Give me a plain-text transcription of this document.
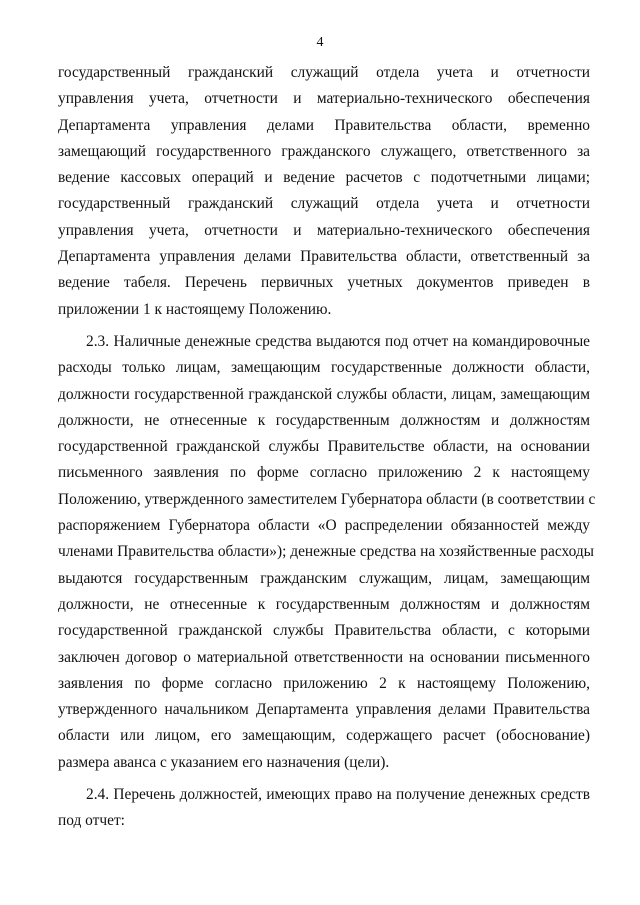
4
государственный гражданский служащий отдела учета и отчетности
управления учета, отчетности и материально-технического обеспечения
Департамента управления делами Правительства области, временно
замещающий государственного гражданского служащего, ответственного за
ведение кассовых операций и ведение расчетов с подотчетными лицами;
государственный гражданский служащий отдела учета и отчетности
управления учета, отчетности и материально-технического обеспечения
Департамента управления делами Правительства области, ответственный за
ведение табеля. Перечень первичных учетных документов приведен в
приложении 1 к настоящему Положению.
2.3. Наличные денежные средства выдаются под отчет на командировочные
расходы только лицам, замещающим государственные должности области,
должности государственной гражданской службы области, лицам, замещающим
должности, не отнесенные к государственным должностям и должностям
государственной гражданской службы Правительстве области, на основании
письменного заявления по форме согласно приложению 2 к настоящему
Положению, утвержденного заместителем Губернатора области (в соответствии с
распоряжением Губернатора области «О распределении обязанностей между
членами Правительства области»); денежные средства на хозяйственные расходы
выдаются государственным гражданским служащим, лицам, замещающим
должности, не отнесенные к государственным должностям и должностям
государственной гражданской службы Правительства области, с которыми
заключен договор о материальной ответственности на основании письменного
заявления по форме согласно приложению 2 к настоящему Положению,
утвержденного начальником Департамента управления делами Правительства
области или лицом, его замещающим, содержащего расчет (обоснование)
размера аванса с указанием его назначения (цели).
2.4. Перечень должностей, имеющих право на получение денежных средств
под отчет:
